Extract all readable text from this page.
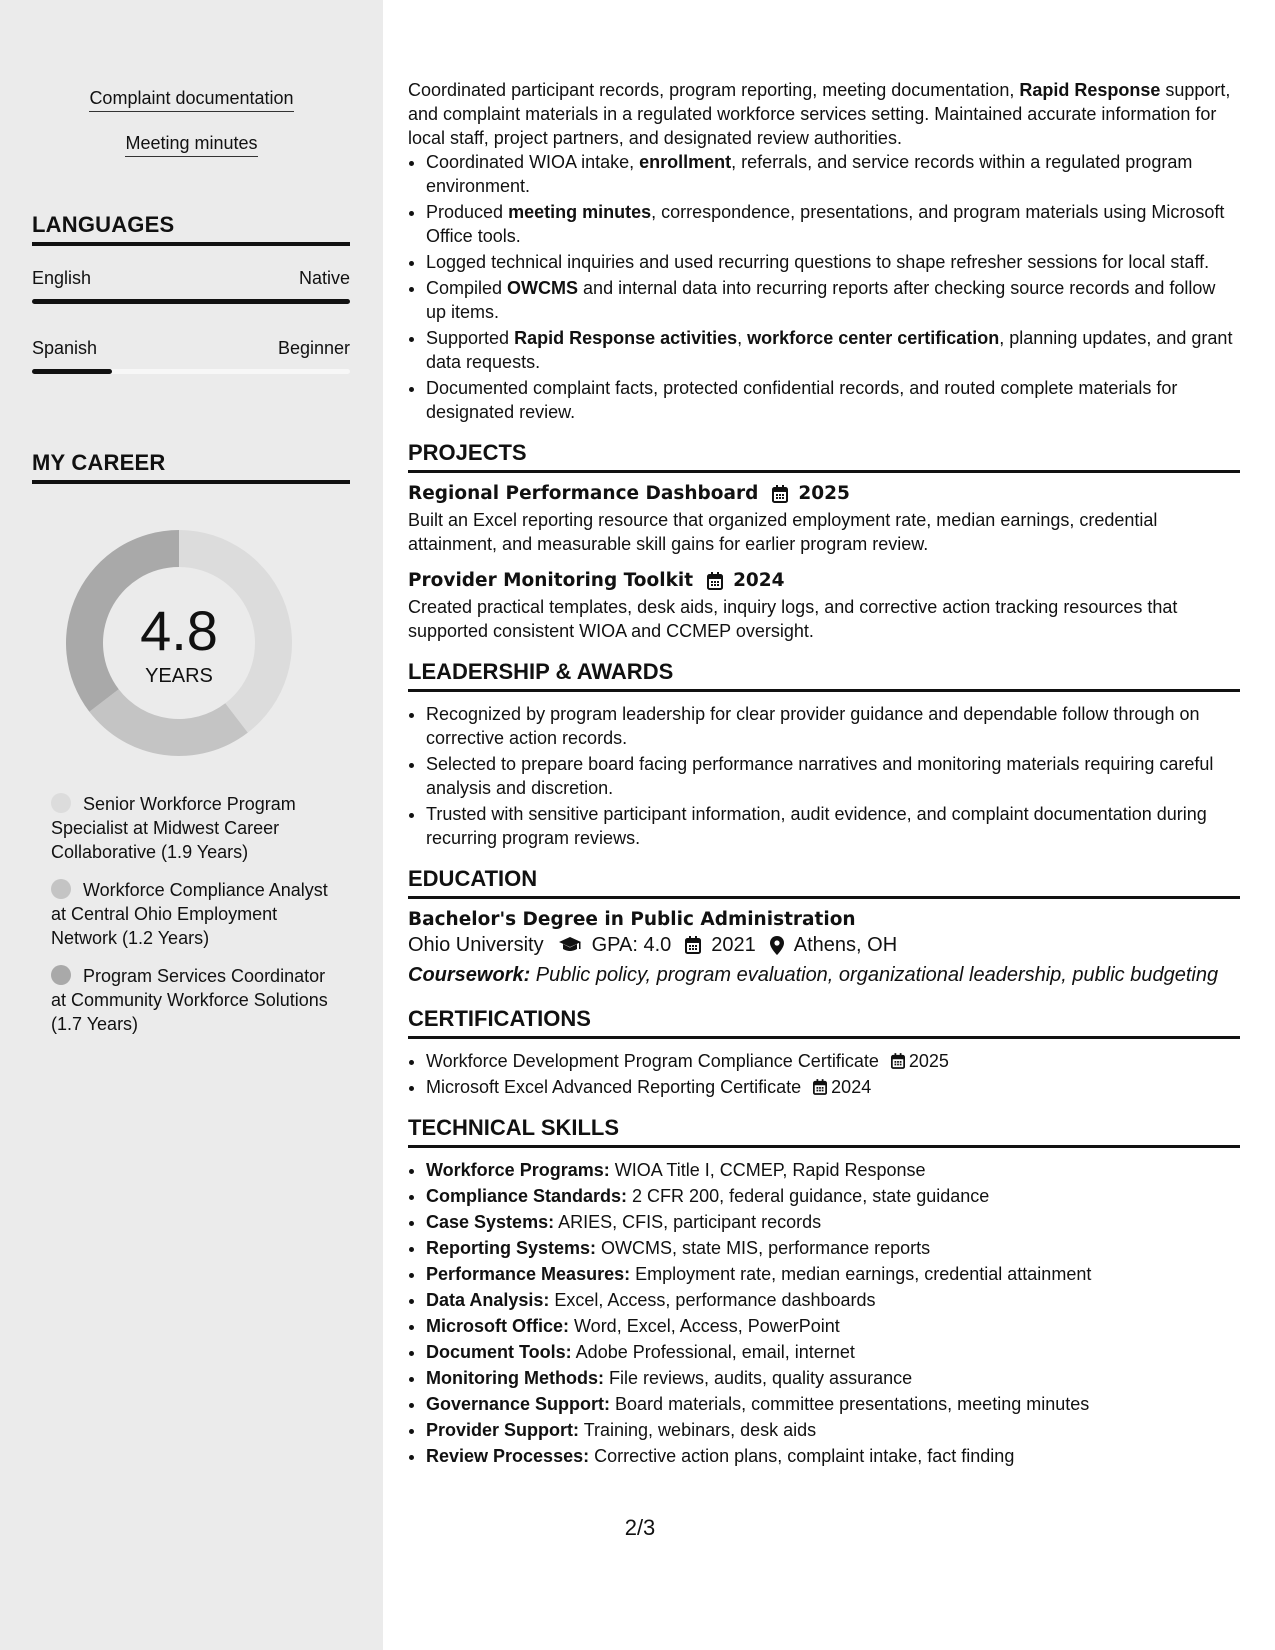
Complaint documentation
Meeting minutes
LANGUAGES
English	Native
Spanish	Beginner
MY CAREER
4.8
YEARS
Senior Workforce Program Specialist at Midwest Career Collaborative (1.9 Years)
Workforce Compliance Analyst at Central Ohio Employment Network (1.2 Years)
Program Services Coordinator at Community Workforce Solutions (1.7 Years)

Coordinated participant records, program reporting, meeting documentation, Rapid Response support, and complaint materials in a regulated workforce services setting. Maintained accurate information for local staff, project partners, and designated review authorities.

• Coordinated WIOA intake, enrollment, referrals, and service records within a regulated program environment.
• Produced meeting minutes, correspondence, presentations, and program materials using Microsoft Office tools.
• Logged technical inquiries and used recurring questions to shape refresher sessions for local staff.
• Compiled OWCMS and internal data into recurring reports after checking source records and follow up items.
• Supported Rapid Response activities, workforce center certification, planning updates, and grant data requests.
• Documented complaint facts, protected confidential records, and routed complete materials for designated review.
PROJECTS
Regional Performance Dashboard 2025

Built an Excel reporting resource that organized employment rate, median earnings, credential attainment, and measurable skill gains for earlier program review.

Provider Monitoring Toolkit 2024

Created practical templates, desk aids, inquiry logs, and corrective action tracking resources that supported consistent WIOA and CCMEP oversight.

LEADERSHIP & AWARDS
• Recognized by program leadership for clear provider guidance and dependable follow through on corrective action records.
• Selected to prepare board facing performance narratives and monitoring materials requiring careful analysis and discretion.
• Trusted with sensitive participant information, audit evidence, and complaint documentation during recurring program reviews.
EDUCATION
Bachelor's Degree in Public Administration
Ohio University GPA: 4.0 2021 Athens, OH

Coursework: Public policy, program evaluation, organizational leadership, public budgeting

CERTIFICATIONS
• Workforce Development Program Compliance Certificate 2025
• Microsoft Excel Advanced Reporting Certificate 2024
TECHNICAL SKILLS
• Workforce Programs: WIOA Title I, CCMEP, Rapid Response
• Compliance Standards: 2 CFR 200, federal guidance, state guidance
• Case Systems: ARIES, CFIS, participant records
• Reporting Systems: OWCMS, state MIS, performance reports
• Performance Measures: Employment rate, median earnings, credential attainment
• Data Analysis: Excel, Access, performance dashboards
• Microsoft Office: Word, Excel, Access, PowerPoint
• Document Tools: Adobe Professional, email, internet
• Monitoring Methods: File reviews, audits, quality assurance
• Governance Support: Board materials, committee presentations, meeting minutes
• Provider Support: Training, webinars, desk aids
• Review Processes: Corrective action plans, complaint intake, fact finding
2/3
